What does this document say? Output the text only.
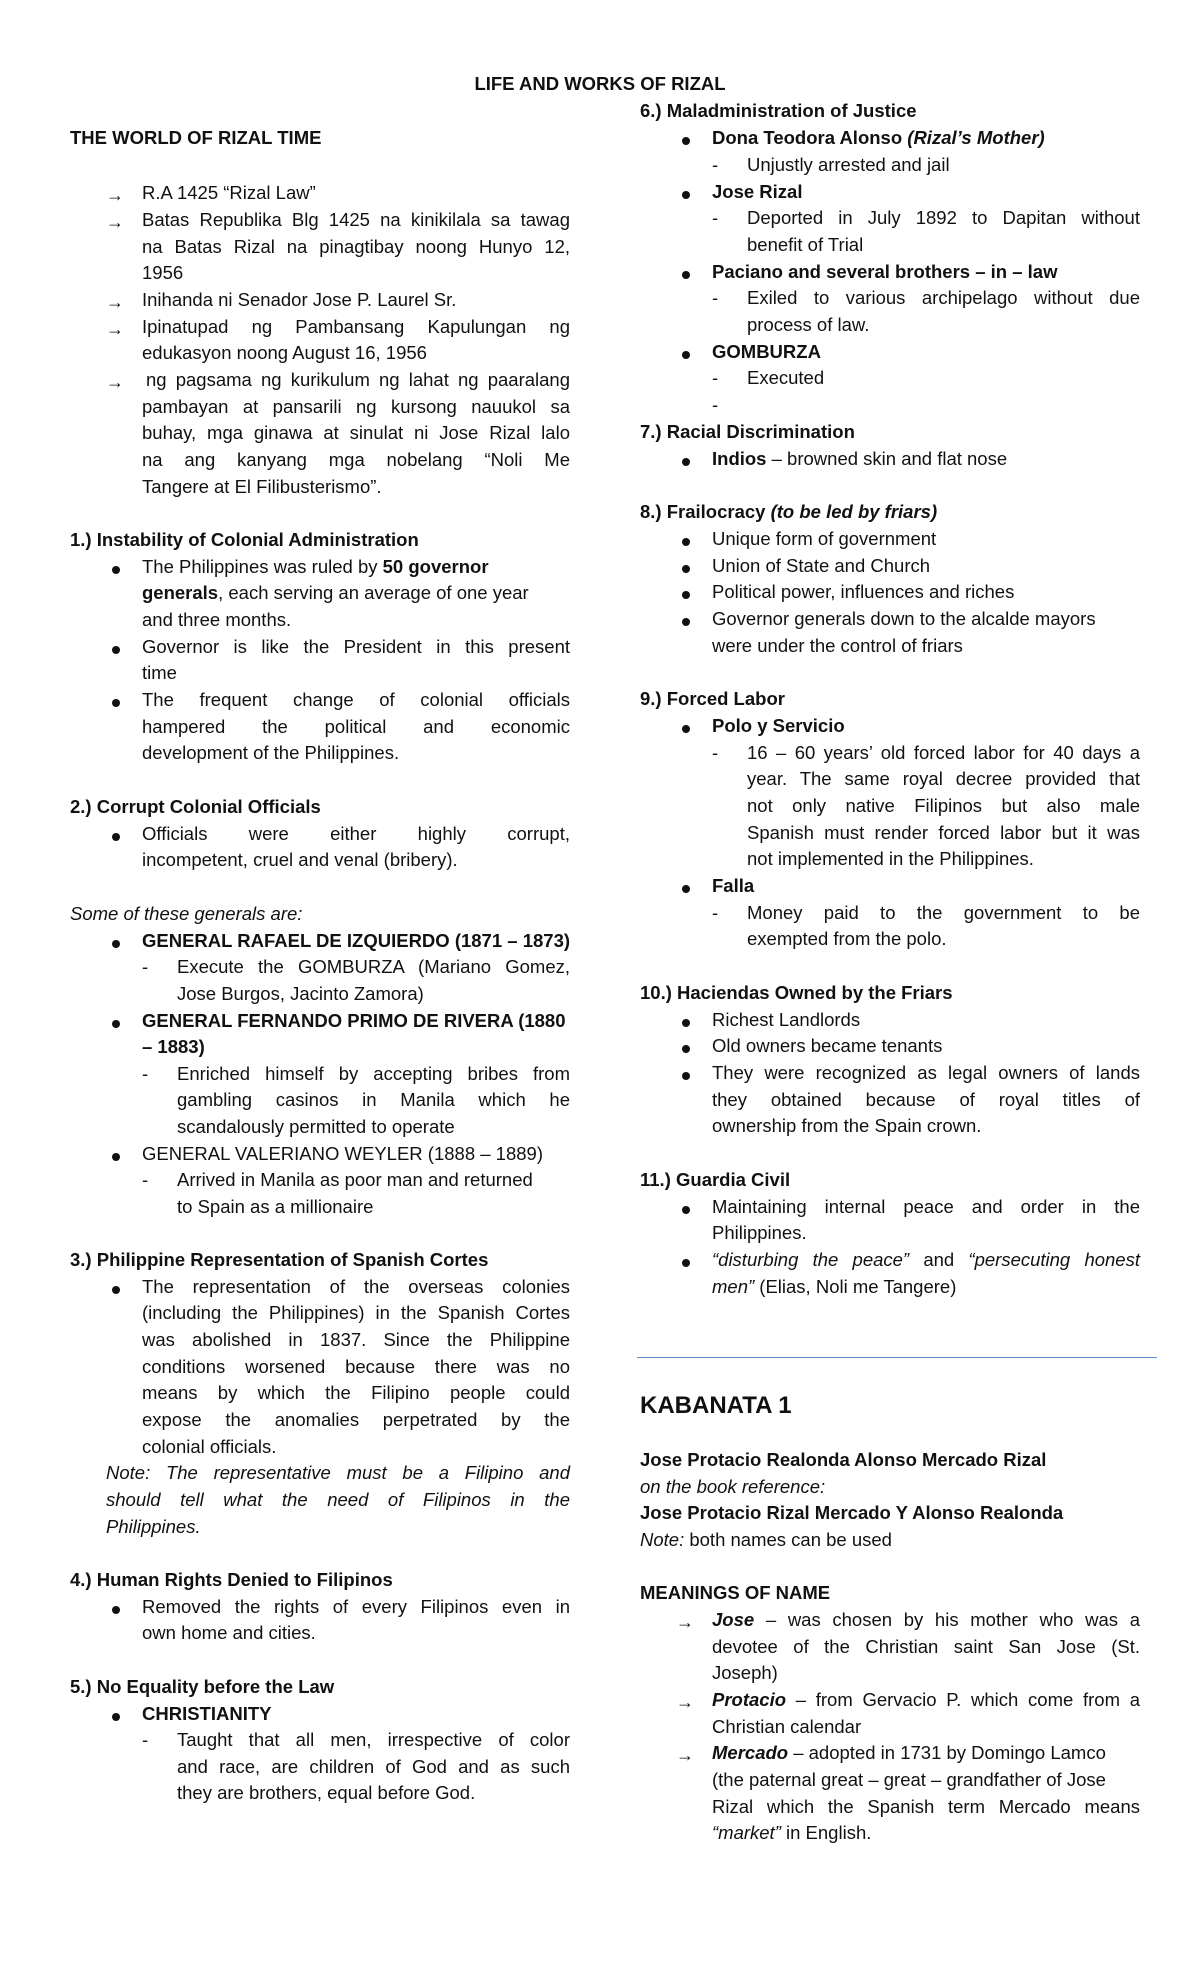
LIFE AND WORKS OF RIZAL
THE WORLD OF RIZAL TIME
→ R.A 1425 “Rizal Law”
→ Batas Republika Blg 1425 na kinikilala sa tawag
na Batas Rizal na pinagtibay noong Hunyo 12,
1956
→ Inihanda ni Senador Jose P. Laurel Sr.
→ Ipinatupad ng Pambansang Kapulungan ng
edukasyon noong August 16, 1956
→ ng pagsama ng kurikulum ng lahat ng paaralang
pambayan at pansarili ng kursong nauukol sa
buhay, mga ginawa at sinulat ni Jose Rizal lalo
na ang kanyang mga nobelang “Noli Me
Tangere at El Filibusterismo”.
1.) Instability of Colonial Administration
The Philippines was ruled by 50 governor
generals, each serving an average of one year
and three months.
Governor is like the President in this present
time
The frequent change of colonial officials
hampered the political and economic
development of the Philippines.
2.) Corrupt Colonial Officials
Officials were either highly corrupt,
incompetent, cruel and venal (bribery).
Some of these generals are:
GENERAL RAFAEL DE IZQUIERDO (1871 – 1873)
- Execute the GOMBURZA (Mariano Gomez,
Jose Burgos, Jacinto Zamora)
GENERAL FERNANDO PRIMO DE RIVERA (1880
– 1883)
- Enriched himself by accepting bribes from
gambling casinos in Manila which he
scandalously permitted to operate
GENERAL VALERIANO WEYLER (1888 – 1889)
- Arrived in Manila as poor man and returned
to Spain as a millionaire
3.) Philippine Representation of Spanish Cortes
The representation of the overseas colonies
(including the Philippines) in the Spanish Cortes
was abolished in 1837. Since the Philippine
conditions worsened because there was no
means by which the Filipino people could
expose the anomalies perpetrated by the
colonial officials.
Note: The representative must be a Filipino and
should tell what the need of Filipinos in the
Philippines.
4.) Human Rights Denied to Filipinos
Removed the rights of every Filipinos even in
own home and cities.
5.) No Equality before the Law
CHRISTIANITY
- Taught that all men, irrespective of color
and race, are children of God and as such
they are brothers, equal before God.
6.) Maladministration of Justice
Dona Teodora Alonso (Rizal’s Mother)
- Unjustly arrested and jail
Jose Rizal
- Deported in July 1892 to Dapitan without
benefit of Trial
Paciano and several brothers – in – law
- Exiled to various archipelago without due
process of law.
GOMBURZA
- Executed
-
7.) Racial Discrimination
Indios – browned skin and flat nose
8.) Frailocracy (to be led by friars)
Unique form of government
Union of State and Church
Political power, influences and riches
Governor generals down to the alcalde mayors
were under the control of friars
9.) Forced Labor
Polo y Servicio
- 16 – 60 years’ old forced labor for 40 days a
year. The same royal decree provided that
not only native Filipinos but also male
Spanish must render forced labor but it was
not implemented in the Philippines.
Falla
- Money paid to the government to be
exempted from the polo.
10.) Haciendas Owned by the Friars
Richest Landlords
Old owners became tenants
They were recognized as legal owners of lands
they obtained because of royal titles of
ownership from the Spain crown.
11.) Guardia Civil
Maintaining internal peace and order in the
Philippines.
“disturbing the peace” and “persecuting honest
men” (Elias, Noli me Tangere)
KABANATA 1
Jose Protacio Realonda Alonso Mercado Rizal
on the book reference:
Jose Protacio Rizal Mercado Y Alonso Realonda
Note: both names can be used
MEANINGS OF NAME
→ Jose – was chosen by his mother who was a
devotee of the Christian saint San Jose (St.
Joseph)
→ Protacio – from Gervacio P. which come from a
Christian calendar
→ Mercado – adopted in 1731 by Domingo Lamco
(the paternal great – great – grandfather of Jose
Rizal which the Spanish term Mercado means
“market” in English.
